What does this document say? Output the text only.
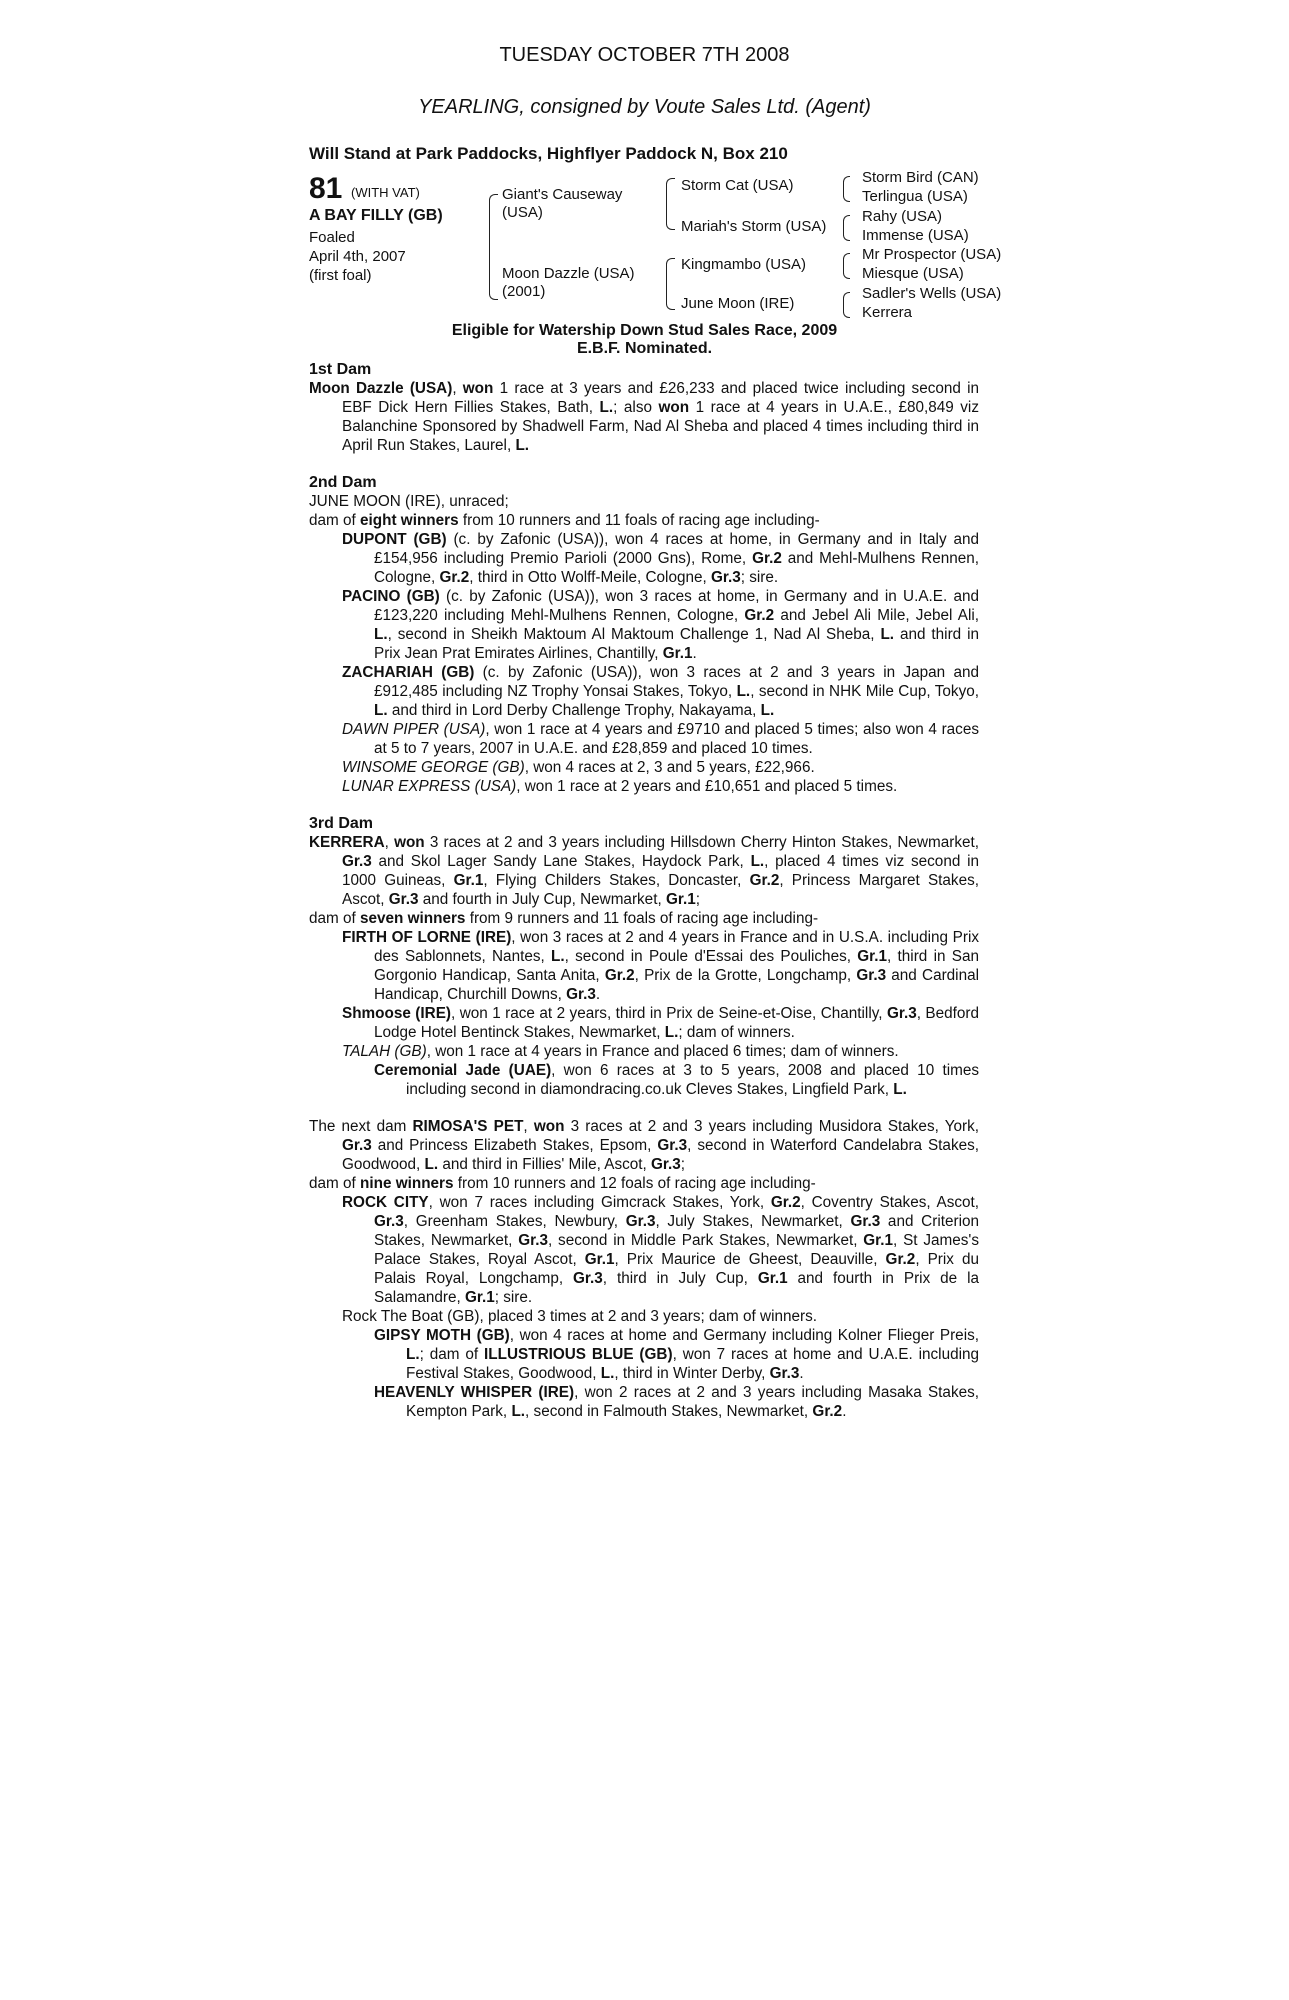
TUESDAY OCTOBER 7TH 2008
YEARLING, consigned by Voute Sales Ltd. (Agent)
Will Stand at Park Paddocks, Highflyer Paddock N, Box 210
81 (WITH VAT)
A BAY FILLY (GB)
Foaled
April 4th, 2007
(first foal)
Giant's Causeway
(USA)
Moon Dazzle (USA)
(2001)
Storm Cat (USA)
Mariah's Storm (USA)
Kingmambo (USA)
June Moon (IRE)
Storm Bird (CAN)
Terlingua (USA)
Rahy (USA)
Immense (USA)
Mr Prospector (USA)
Miesque (USA)
Sadler's Wells (USA)
Kerrera
Eligible for Watership Down Stud Sales Race, 2009
E.B.F. Nominated.

1st Dam

Moon Dazzle (USA), won 1 race at 3 years and £26,233 and placed twice including second in EBF Dick Hern Fillies Stakes, Bath, L.; also won 1 race at 4 years in U.A.E., £80,849 viz Balanchine Sponsored by Shadwell Farm, Nad Al Sheba and placed 4 times including third in April Run Stakes, Laurel, L.

2nd Dam

JUNE MOON (IRE), unraced;

dam of eight winners from 10 runners and 11 foals of racing age including-

DUPONT (GB) (c. by Zafonic (USA)), won 4 races at home, in Germany and in Italy and £154,956 including Premio Parioli (2000 Gns), Rome, Gr.2 and Mehl-Mulhens Rennen, Cologne, Gr.2, third in Otto Wolff-Meile, Cologne, Gr.3; sire.

PACINO (GB) (c. by Zafonic (USA)), won 3 races at home, in Germany and in U.A.E. and £123,220 including Mehl-Mulhens Rennen, Cologne, Gr.2 and Jebel Ali Mile, Jebel Ali, L., second in Sheikh Maktoum Al Maktoum Challenge 1, Nad Al Sheba, L. and third in Prix Jean Prat Emirates Airlines, Chantilly, Gr.1.

ZACHARIAH (GB) (c. by Zafonic (USA)), won 3 races at 2 and 3 years in Japan and £912,485 including NZ Trophy Yonsai Stakes, Tokyo, L., second in NHK Mile Cup, Tokyo, L. and third in Lord Derby Challenge Trophy, Nakayama, L.

DAWN PIPER (USA), won 1 race at 4 years and £9710 and placed 5 times; also won 4 races at 5 to 7 years, 2007 in U.A.E. and £28,859 and placed 10 times.

WINSOME GEORGE (GB), won 4 races at 2, 3 and 5 years, £22,966.

LUNAR EXPRESS (USA), won 1 race at 2 years and £10,651 and placed 5 times.

3rd Dam

KERRERA, won 3 races at 2 and 3 years including Hillsdown Cherry Hinton Stakes, Newmarket, Gr.3 and Skol Lager Sandy Lane Stakes, Haydock Park, L., placed 4 times viz second in 1000 Guineas, Gr.1, Flying Childers Stakes, Doncaster, Gr.2, Princess Margaret Stakes, Ascot, Gr.3 and fourth in July Cup, Newmarket, Gr.1;

dam of seven winners from 9 runners and 11 foals of racing age including-

FIRTH OF LORNE (IRE), won 3 races at 2 and 4 years in France and in U.S.A. including Prix des Sablonnets, Nantes, L., second in Poule d'Essai des Pouliches, Gr.1, third in San Gorgonio Handicap, Santa Anita, Gr.2, Prix de la Grotte, Longchamp, Gr.3 and Cardinal Handicap, Churchill Downs, Gr.3.

Shmoose (IRE), won 1 race at 2 years, third in Prix de Seine-et-Oise, Chantilly, Gr.3, Bedford Lodge Hotel Bentinck Stakes, Newmarket, L.; dam of winners.

TALAH (GB), won 1 race at 4 years in France and placed 6 times; dam of winners.

Ceremonial Jade (UAE), won 6 races at 3 to 5 years, 2008 and placed 10 times including second in diamondracing.co.uk Cleves Stakes, Lingfield Park, L.

The next dam RIMOSA'S PET, won 3 races at 2 and 3 years including Musidora Stakes, York, Gr.3 and Princess Elizabeth Stakes, Epsom, Gr.3, second in Waterford Candelabra Stakes, Goodwood, L. and third in Fillies' Mile, Ascot, Gr.3;

dam of nine winners from 10 runners and 12 foals of racing age including-

ROCK CITY, won 7 races including Gimcrack Stakes, York, Gr.2, Coventry Stakes, Ascot, Gr.3, Greenham Stakes, Newbury, Gr.3, July Stakes, Newmarket, Gr.3 and Criterion Stakes, Newmarket, Gr.3, second in Middle Park Stakes, Newmarket, Gr.1, St James's Palace Stakes, Royal Ascot, Gr.1, Prix Maurice de Gheest, Deauville, Gr.2, Prix du Palais Royal, Longchamp, Gr.3, third in July Cup, Gr.1 and fourth in Prix de la Salamandre, Gr.1; sire.

Rock The Boat (GB), placed 3 times at 2 and 3 years; dam of winners.

GIPSY MOTH (GB), won 4 races at home and Germany including Kolner Flieger Preis, L.; dam of ILLUSTRIOUS BLUE (GB), won 7 races at home and U.A.E. including Festival Stakes, Goodwood, L., third in Winter Derby, Gr.3.

HEAVENLY WHISPER (IRE), won 2 races at 2 and 3 years including Masaka Stakes, Kempton Park, L., second in Falmouth Stakes, Newmarket, Gr.2.
